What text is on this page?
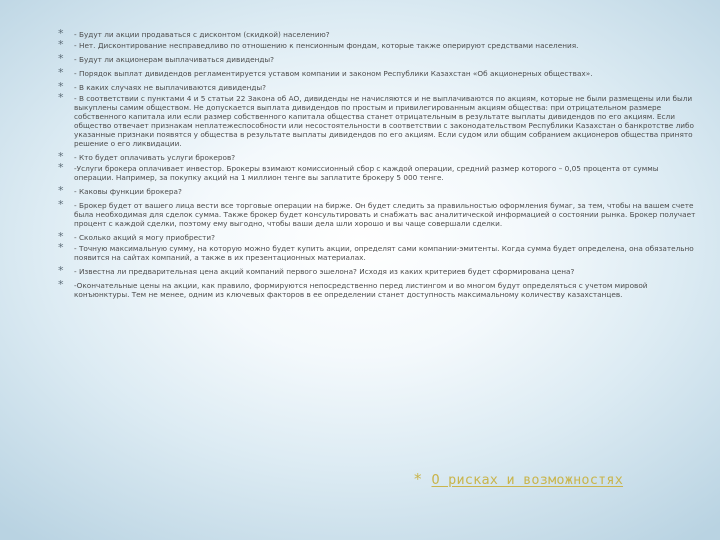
* - Будут ли акции продаваться с дисконтом (скидкой) населению?
* - Нет. Дисконтирование несправедливо по отношению к пенсионным фондам, которые также оперируют средствами населения.
* - Будут ли акционерам выплачиваться дивиденды?
* - Порядок выплат дивидендов регламентируется уставом компании и законом Республики Казахстан «Об акционерных обществах».
* - В каких случаях не выплачиваются дивиденды?
* - В соответствии с пунктами 4 и 5 статьи 22 Закона об АО, дивиденды не начисляются и не выплачиваются по акциям, которые не были размещены или были выкуплены самим обществом. Не допускается выплата дивидендов по простым и привилегированным акциям общества: при отрицательном размере собственного капитала или если размер собственного капитала общества станет отрицательным в результате выплаты дивидендов по его акциям. Если общество отвечает признакам неплатежеспособности или несостоятельности в соответствии с законодательством Республики Казахстан о банкротстве либо указанные признаки появятся у общества в результате выплаты дивидендов по его акциям. Если судом или общим собранием акционеров общества принято решение о его ликвидации.
* - Кто будет оплачивать услуги брокеров?
* -Услуги брокера оплачивает инвестор. Брокеры взимают комиссионный сбор с каждой операции, средний размер которого – 0,05 процента от суммы операции. Например, за покупку акций на 1 миллион тенге вы заплатите брокеру 5 000 тенге.
* - Каковы функции брокера?
* - Брокер будет от вашего лица вести все торговые операции на бирже. Он будет следить за правильностью оформления бумаг, за тем, чтобы на вашем счете была необходимая для сделок сумма. Также брокер будет консультировать и снабжать вас аналитической информацией о состоянии рынка. Брокер получает процент с каждой сделки, поэтому ему выгодно, чтобы ваши дела шли хорошо и вы чаще совершали сделки.
* - Сколько акций я могу приобрести?
* - Точную максимальную сумму, на которую можно будет купить акции, определят сами компании-эмитенты. Когда сумма будет определена, она обязательно появится на сайтах компаний, а также в их презентационных материалах.
* - Известна ли предварительная цена акций компаний первого эшелона? Исходя из каких критериев будет сформирована цена?
* -Окончательные цены на акции, как правило, формируются непосредственно перед листингом и во многом будут определяться с учетом мировой конъюнктуры. Тем не менее, одним из ключевых факторов в ее определении станет доступность максимальному количеству казахстанцев.
* О рисках и возможностях
